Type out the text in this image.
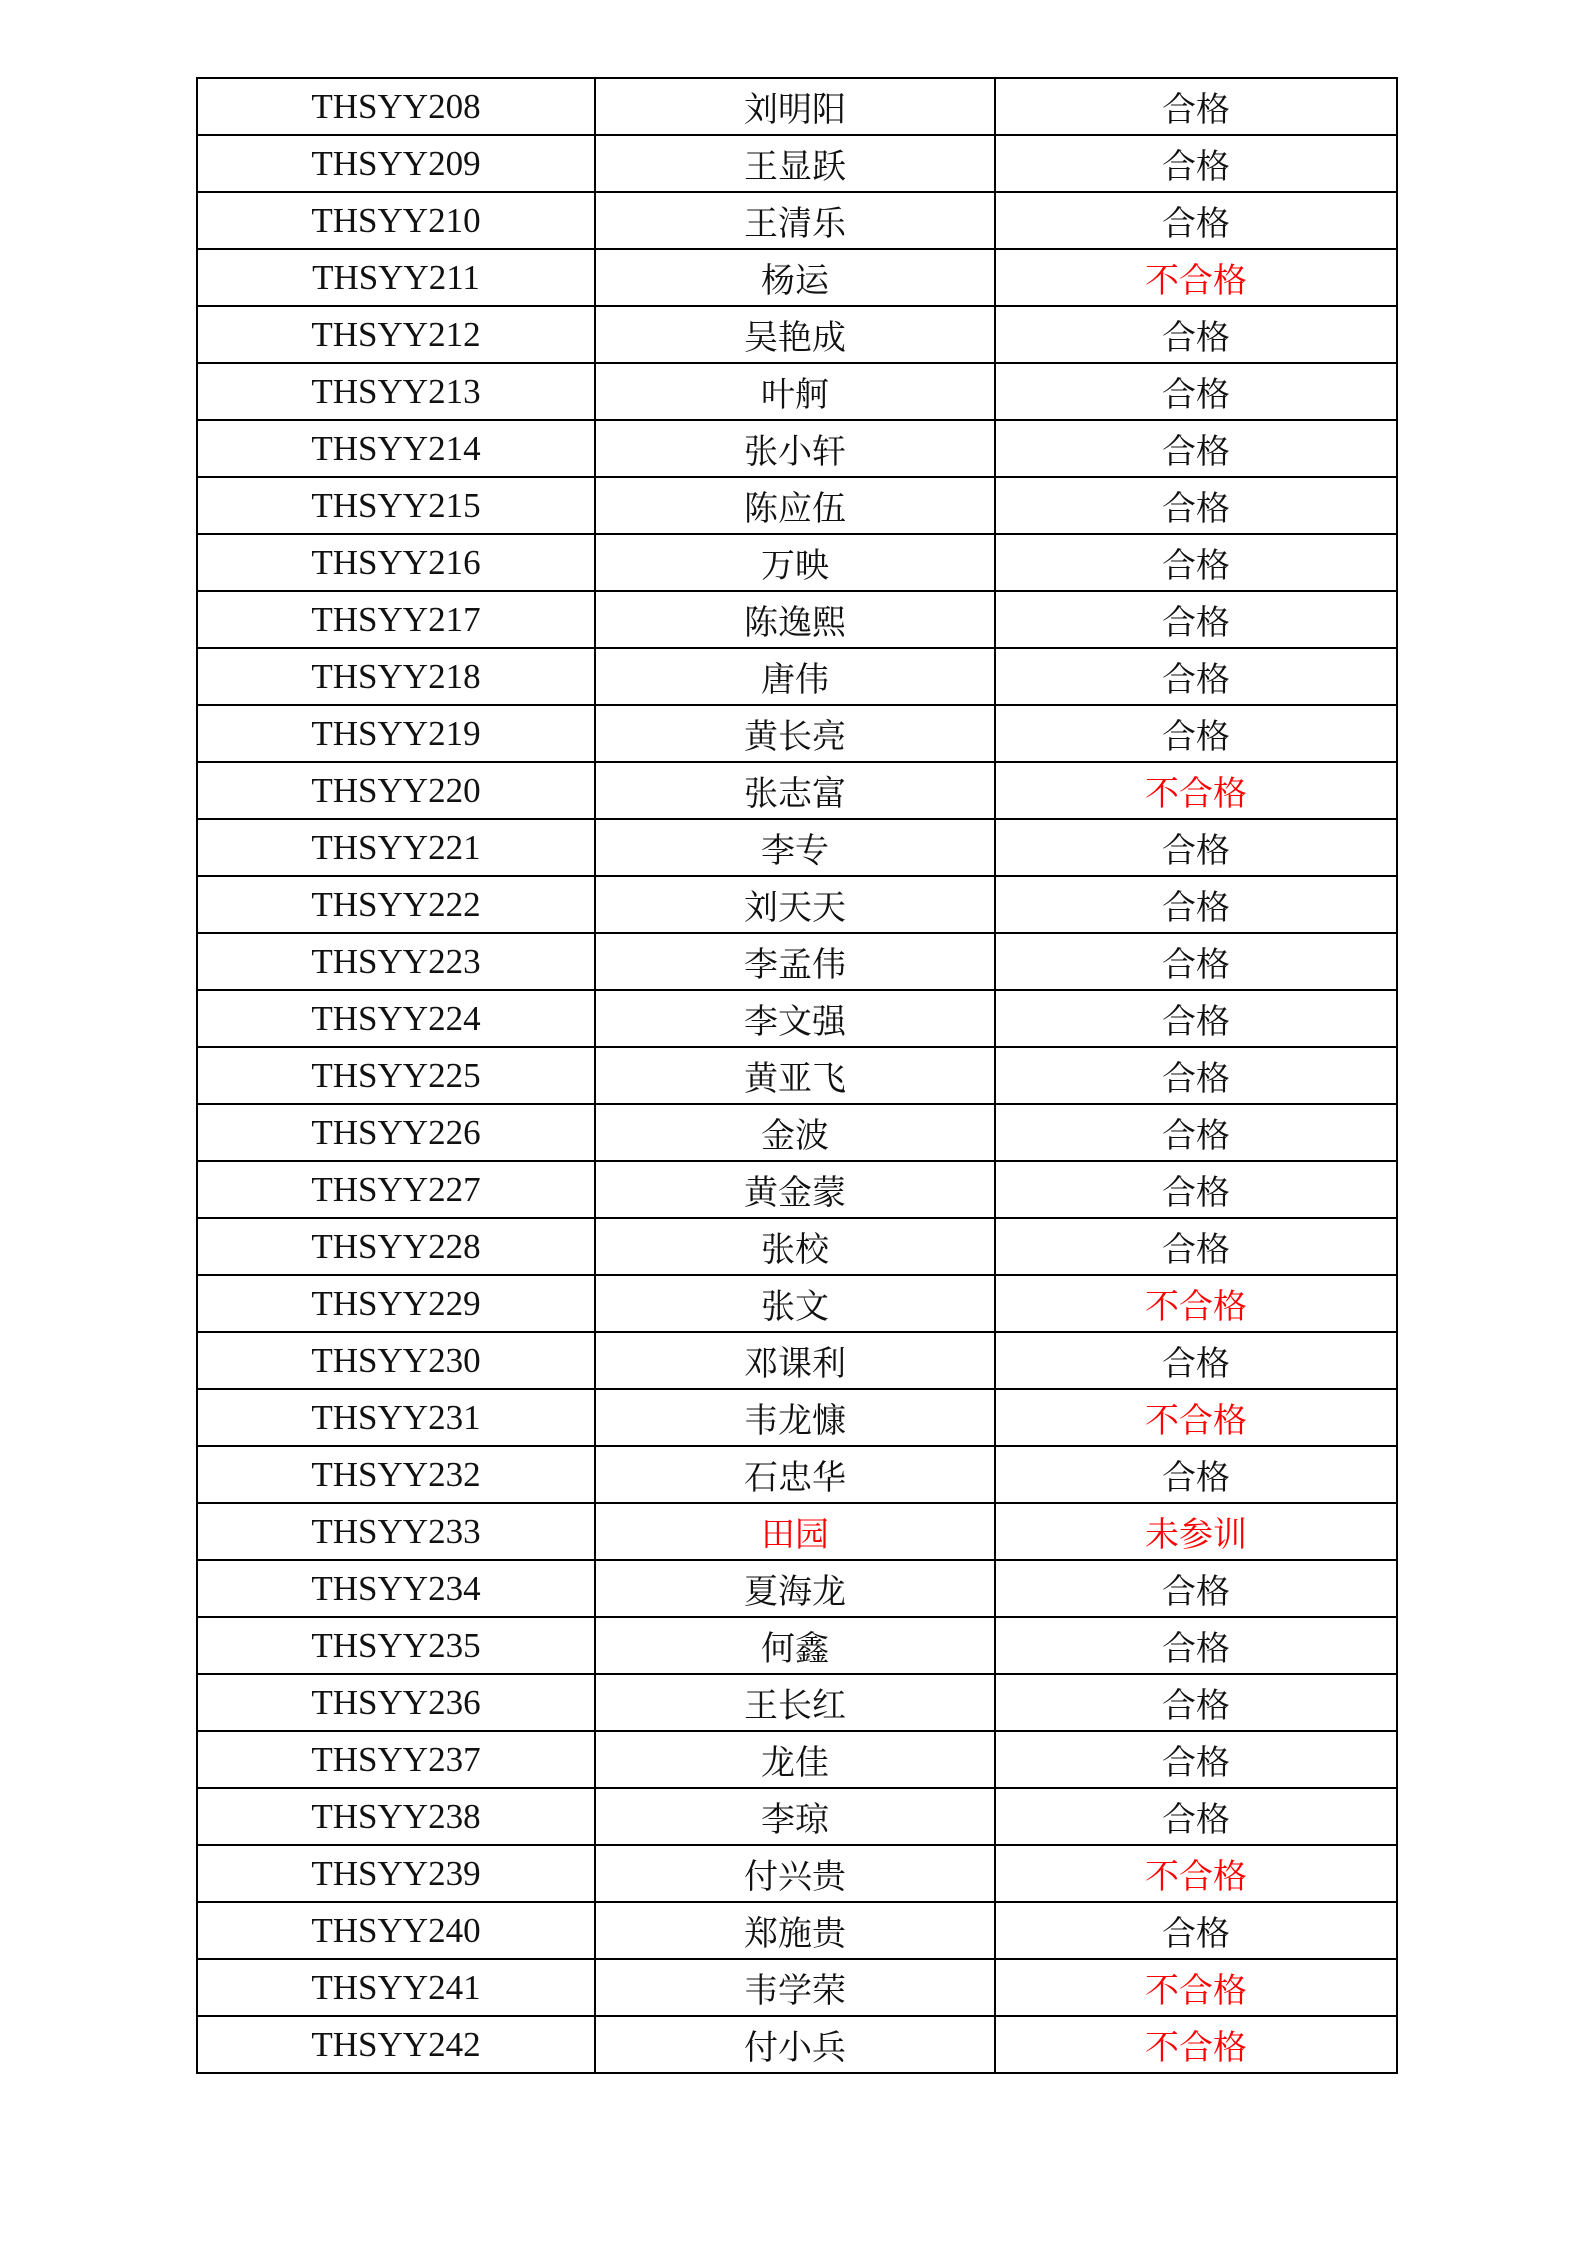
THSYY208	刘明阳	合格
THSYY209	王显跃	合格
THSYY210	王清乐	合格
THSYY211	杨运	不合格
THSYY212	吴艳成	合格
THSYY213	叶舸	合格
THSYY214	张小轩	合格
THSYY215	陈应伍	合格
THSYY216	万映	合格
THSYY217	陈逸熙	合格
THSYY218	唐伟	合格
THSYY219	黄长亮	合格
THSYY220	张志富	不合格
THSYY221	李专	合格
THSYY222	刘天天	合格
THSYY223	李孟伟	合格
THSYY224	李文强	合格
THSYY225	黄亚飞	合格
THSYY226	金波	合格
THSYY227	黄金蒙	合格
THSYY228	张校	合格
THSYY229	张文	不合格
THSYY230	邓课利	合格
THSYY231	韦龙慷	不合格
THSYY232	石忠华	合格
THSYY233	田园	未参训
THSYY234	夏海龙	合格
THSYY235	何鑫	合格
THSYY236	王长红	合格
THSYY237	龙佳	合格
THSYY238	李琼	合格
THSYY239	付兴贵	不合格
THSYY240	郑施贵	合格
THSYY241	韦学荣	不合格
THSYY242	付小兵	不合格
